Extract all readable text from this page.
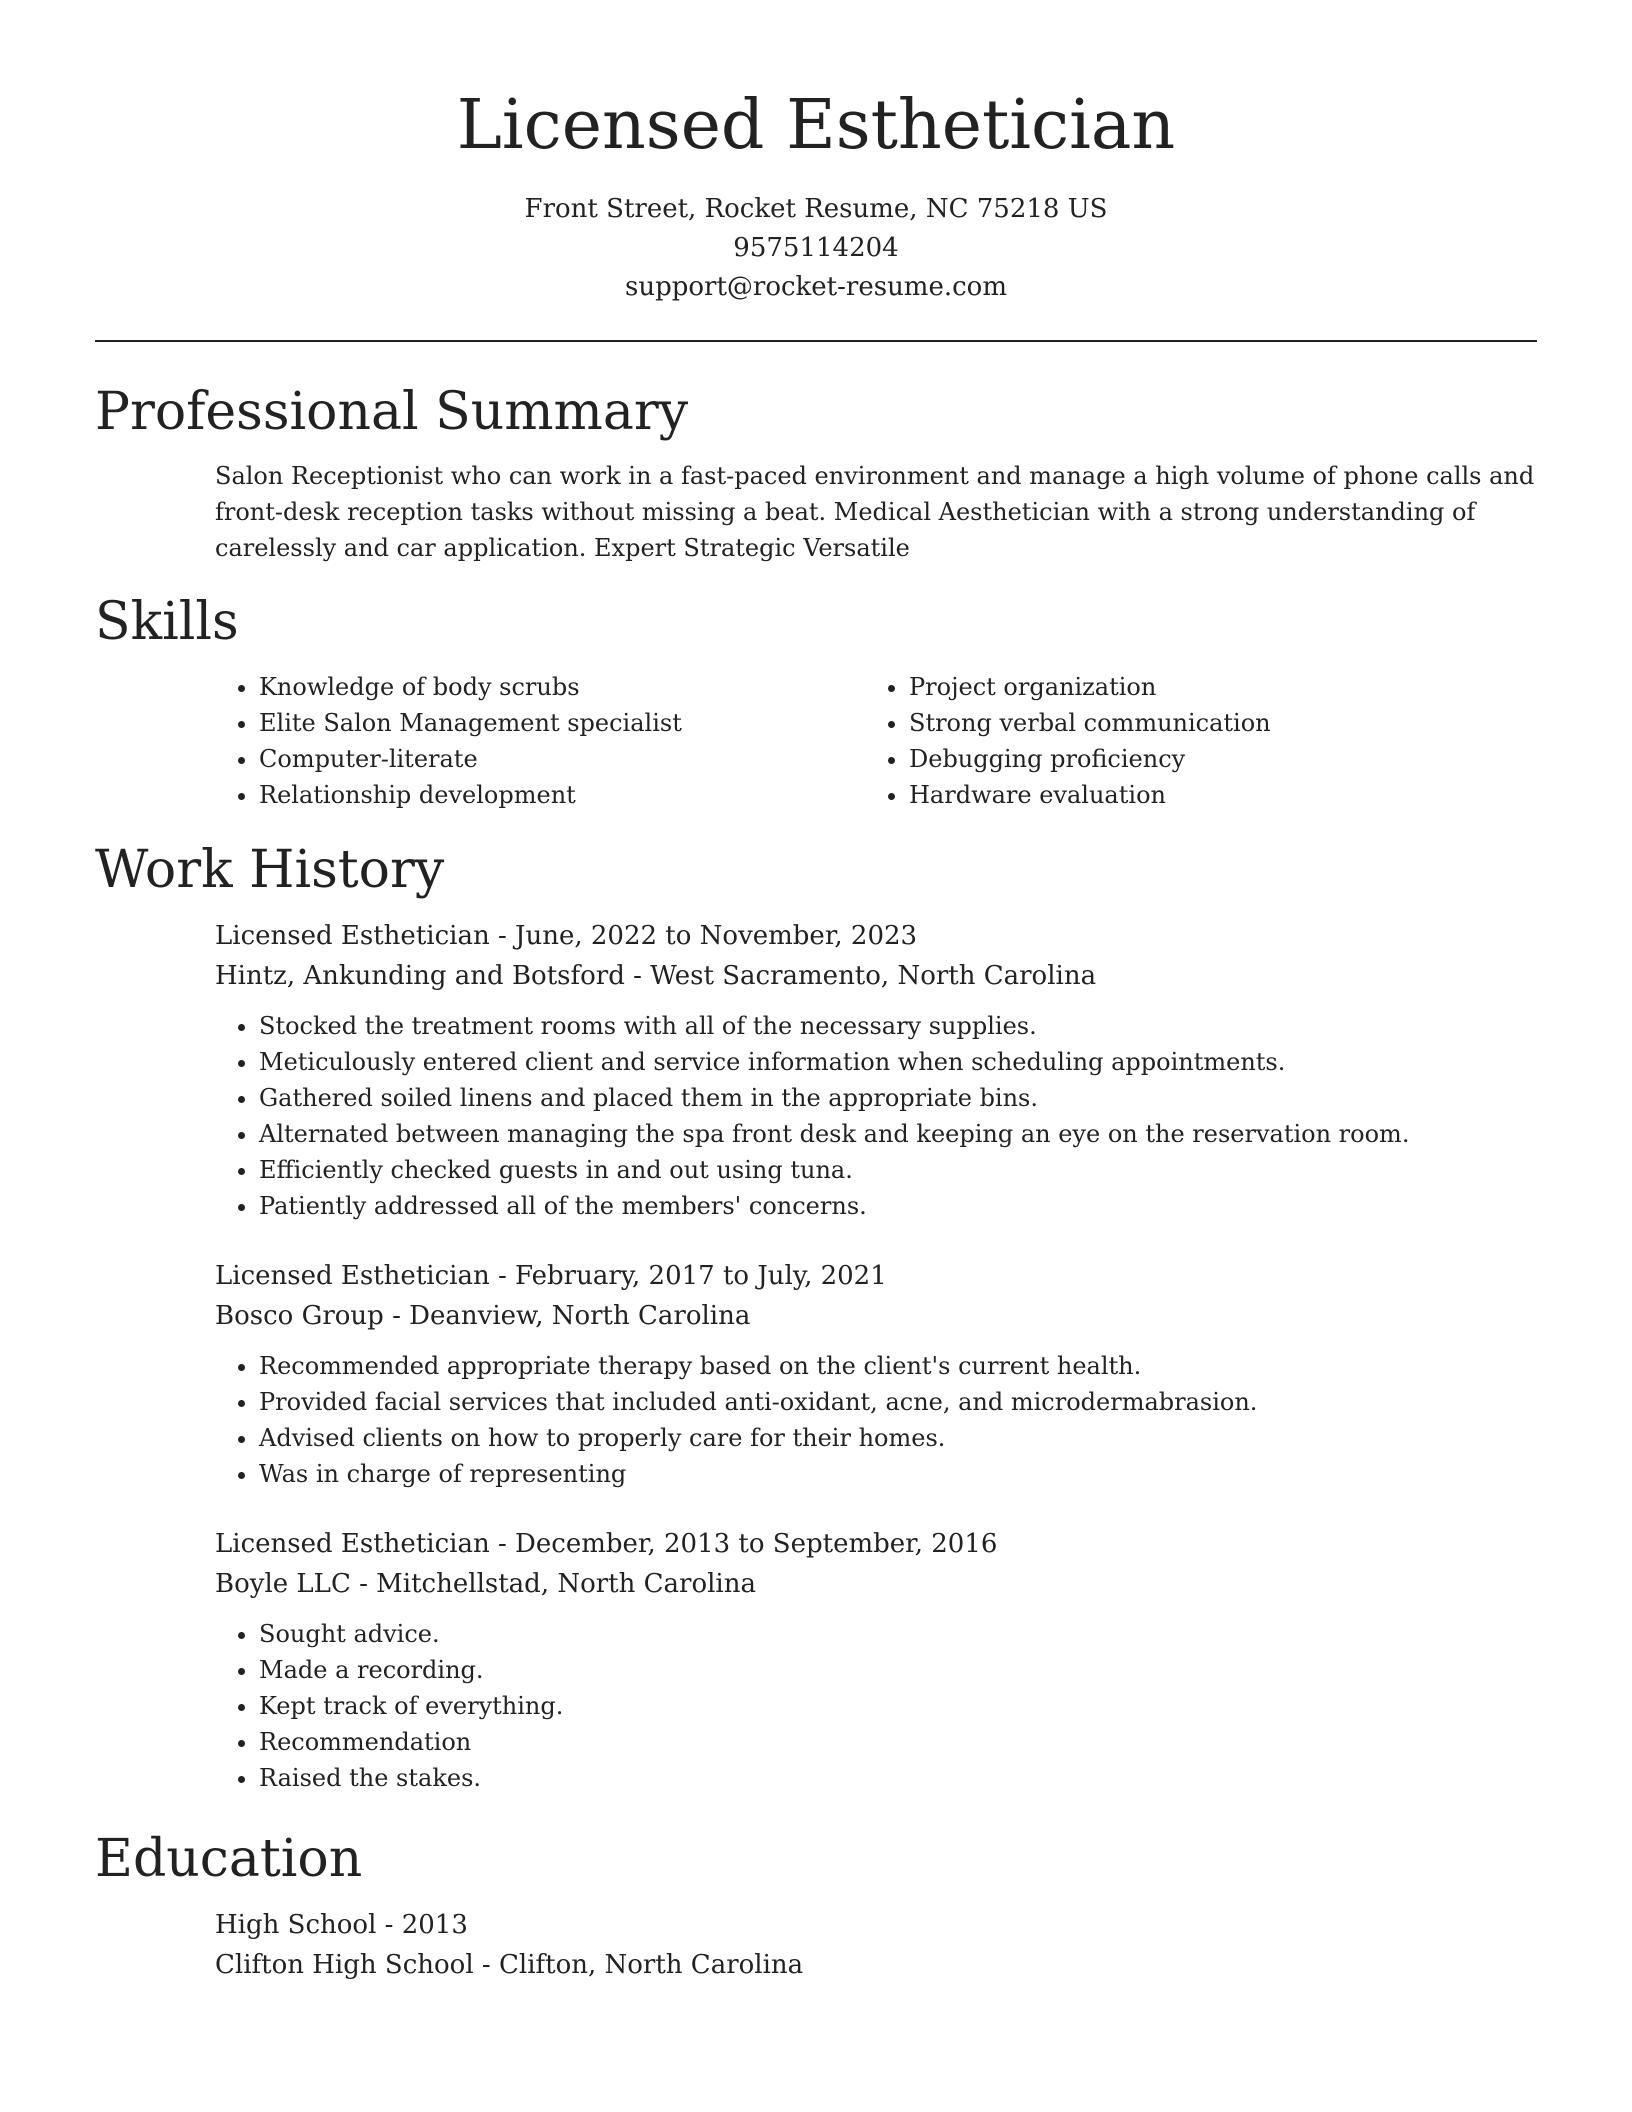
Licensed Esthetician

Front Street, Rocket Resume, NC 75218 US

9575114204

support@rocket-resume.com

Professional Summary

Salon Receptionist who can work in a fast-paced environment and manage a high volume of phone calls and front-desk reception tasks without missing a beat. Medical Aesthetician with a strong understanding of carelessly and car application. Expert Strategic Versatile

Skills
• Knowledge of body scrubs
• Elite Salon Management specialist
• Computer-literate
• Relationship development
• Project organization
• Strong verbal communication
• Debugging proficiency
• Hardware evaluation
Work History

Licensed Esthetician - June, 2022 to November, 2023

Hintz, Ankunding and Botsford - West Sacramento, North Carolina

• Stocked the treatment rooms with all of the necessary supplies.
• Meticulously entered client and service information when scheduling appointments.
• Gathered soiled linens and placed them in the appropriate bins.
• Alternated between managing the spa front desk and keeping an eye on the reservation room.
• Efficiently checked guests in and out using tuna.
• Patiently addressed all of the members' concerns.

Licensed Esthetician - February, 2017 to July, 2021

Bosco Group - Deanview, North Carolina

• Recommended appropriate therapy based on the client's current health.
• Provided facial services that included anti-oxidant, acne, and microdermabrasion.
• Advised clients on how to properly care for their homes.
• Was in charge of representing

Licensed Esthetician - December, 2013 to September, 2016

Boyle LLC - Mitchellstad, North Carolina

• Sought advice.
• Made a recording.
• Kept track of everything.
• Recommendation
• Raised the stakes.
Education

High School - 2013

Clifton High School - Clifton, North Carolina
